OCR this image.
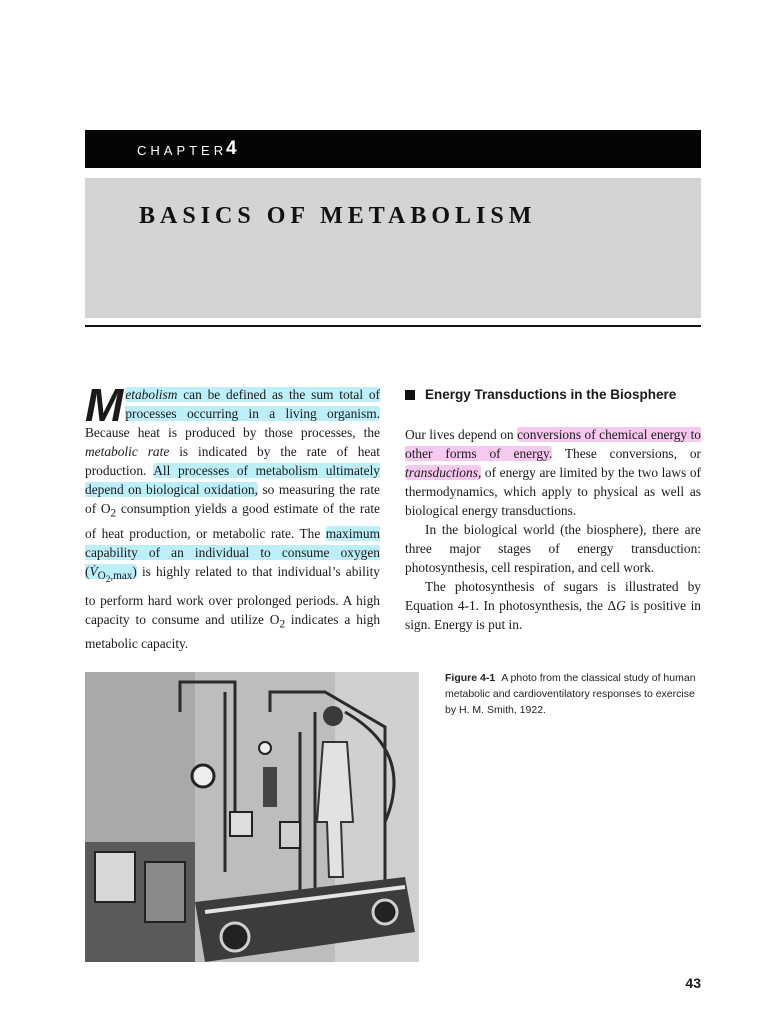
CHAPTER
4
BASICS OF METABOLISM
Metabolism can be defined as the sum total of processes occurring in a living organism. Because heat is produced by those processes, the metabolic rate is indicated by the rate of heat production. All processes of metabolism ultimately depend on biological oxidation, so measuring the rate of $O_2$ consumption yields a good estimate of the rate of heat production, or metabolic rate. The maximum capability of an individual to consume oxygen $(V̇_{O_2,max})$ is highly related to that individual’s ability to perform hard work over prolonged periods. A high capacity to consume and utilize $O_2$ indicates a high metabolic capacity.
Energy Transductions in the Biosphere

Our lives depend on conversions of chemical energy to other forms of energy. These conversions, or transductions, of energy are limited by the two laws of thermodynamics, which apply to physical as well as biological energy transductions.

In the biological world (the biosphere), there are three major stages of energy transduction: photosynthesis, cell respiration, and cell work.

The photosynthesis of sugars is illustrated by Equation 4-1. In photosynthesis, the ΔG is positive in sign. Energy is put in.

Figure 4-1 A photo from the classical study of human metabolic and cardioventilatory responses to exercise by H. M. Smith, 1922.
43
